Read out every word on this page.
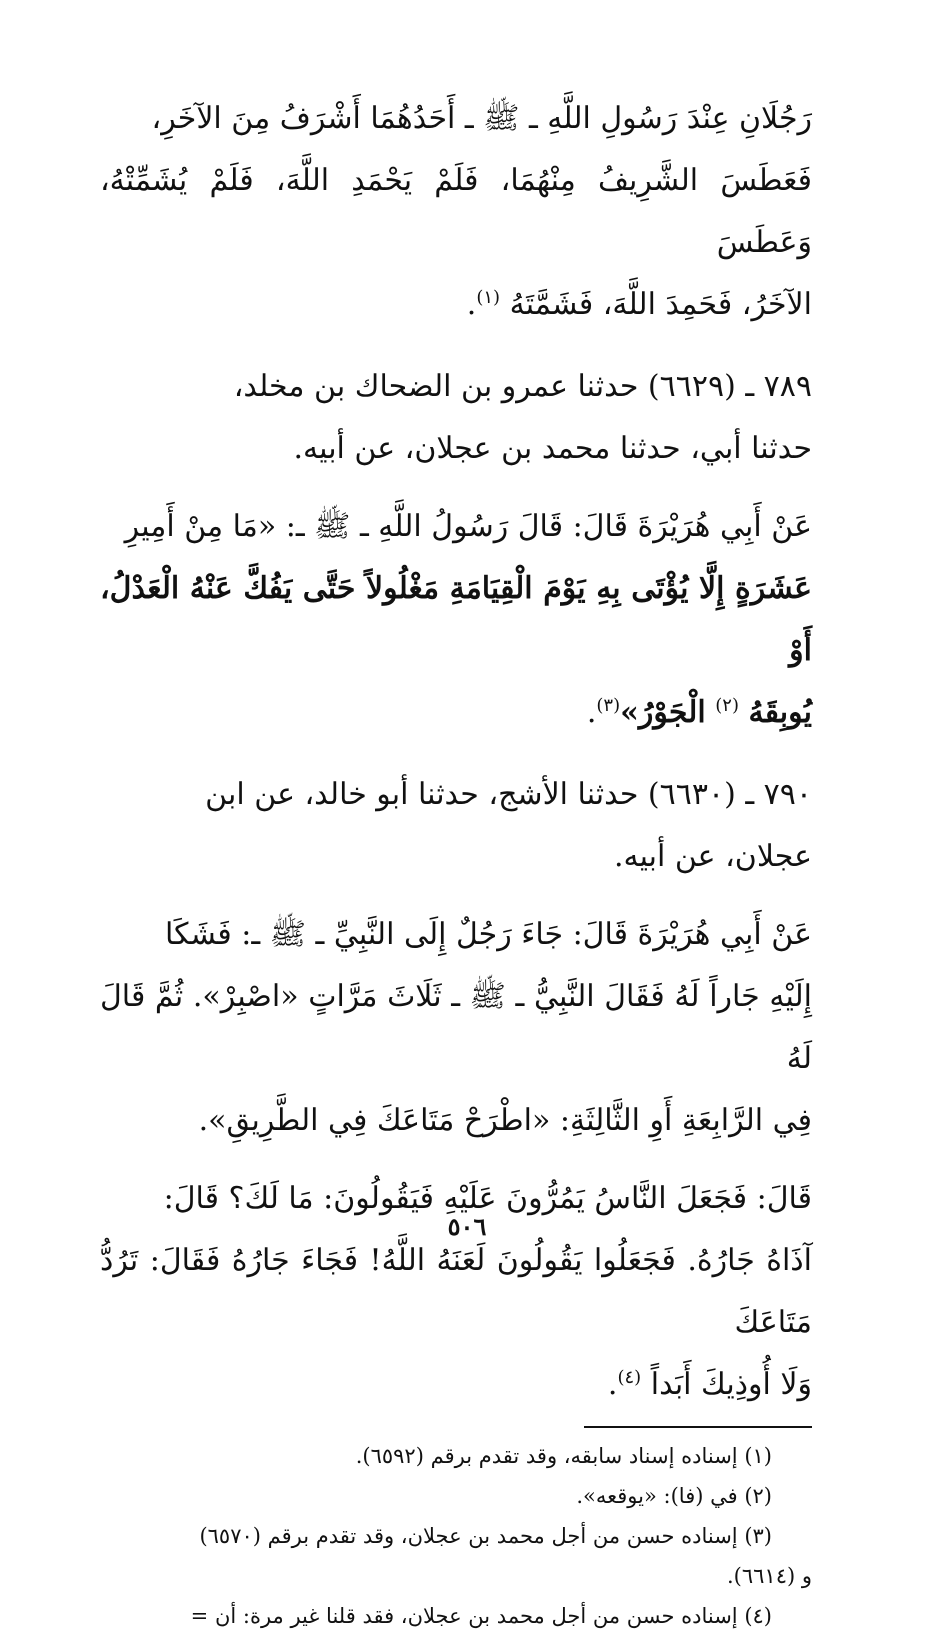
رَجُلَانِ عِنْدَ رَسُولِ اللَّهِ ـ ﷺ ـ أَحَدُهُمَا أَشْرَفُ مِنَ الآخَرِ،
فَعَطَسَ الشَّرِيفُ مِنْهُمَا، فَلَمْ يَحْمَدِ اللَّهَ، فَلَمْ يُشَمِّتْهُ، وَعَطَسَ
الآخَرُ، فَحَمِدَ اللَّهَ، فَشَمَّتَهُ $^{(١)}$.

٧٨٩ ـ (٦٦٢٩) حدثنا عمرو بن الضحاك بن مخلد،
حدثنا أبي، حدثنا محمد بن عجلان، عن أبيه.

عَنْ أَبِي هُرَيْرَةَ قَالَ: قَالَ رَسُولُ اللَّهِ ـ ﷺ ـ: «مَا مِنْ أَمِيرِ
عَشَرَةٍ إِلَّا يُؤْتَى بِهِ يَوْمَ الْقِيَامَةِ مَغْلُولاً حَتَّى يَفُكَّ عَنْهُ الْعَدْلُ، أَوْ
يُوبِقَهُ $^{(٢)}$ الْجَوْرُ»$^{(٣)}$.

٧٩٠ ـ (٦٦٣٠) حدثنا الأشج، حدثنا أبو خالد، عن ابن
عجلان، عن أبيه.

عَنْ أَبِي هُرَيْرَةَ قَالَ: جَاءَ رَجُلٌ إِلَى النَّبِيِّ ـ ﷺ ـ: فَشَكَا
إِلَيْهِ جَاراً لَهُ فَقَالَ النَّبِيُّ ـ ﷺ ـ ثَلَاثَ مَرَّاتٍ «اصْبِرْ». ثُمَّ قَالَ لَهُ
فِي الرَّابِعَةِ أَوِ الثَّالِثَةِ: «اطْرَحْ مَتَاعَكَ فِي الطَّرِيقِ».

قَالَ: فَجَعَلَ النَّاسُ يَمُرُّونَ عَلَيْهِ فَيَقُولُونَ: مَا لَكَ؟ قَالَ:
آذَاهُ جَارُهُ. فَجَعَلُوا يَقُولُونَ لَعَنَهُ اللَّهُ! فَجَاءَ جَارُهُ فَقَالَ: تَرُدُّ مَتَاعَكَ
وَلَا أُوذِيكَ أَبَداً $^{(٤)}$.

(١) إسناده إسناد سابقه، وقد تقدم برقم (٦٥٩٢).

(٢) في (فا): «يوقعه».

(٣) إسناده حسن من أجل محمد بن عجلان، وقد تقدم برقم (٦٥٧٠)

و (٦٦١٤).

(٤) إسناده حسن من أجل محمد بن عجلان، فقد قلنا غير مرة: أن =

٥٠٦
